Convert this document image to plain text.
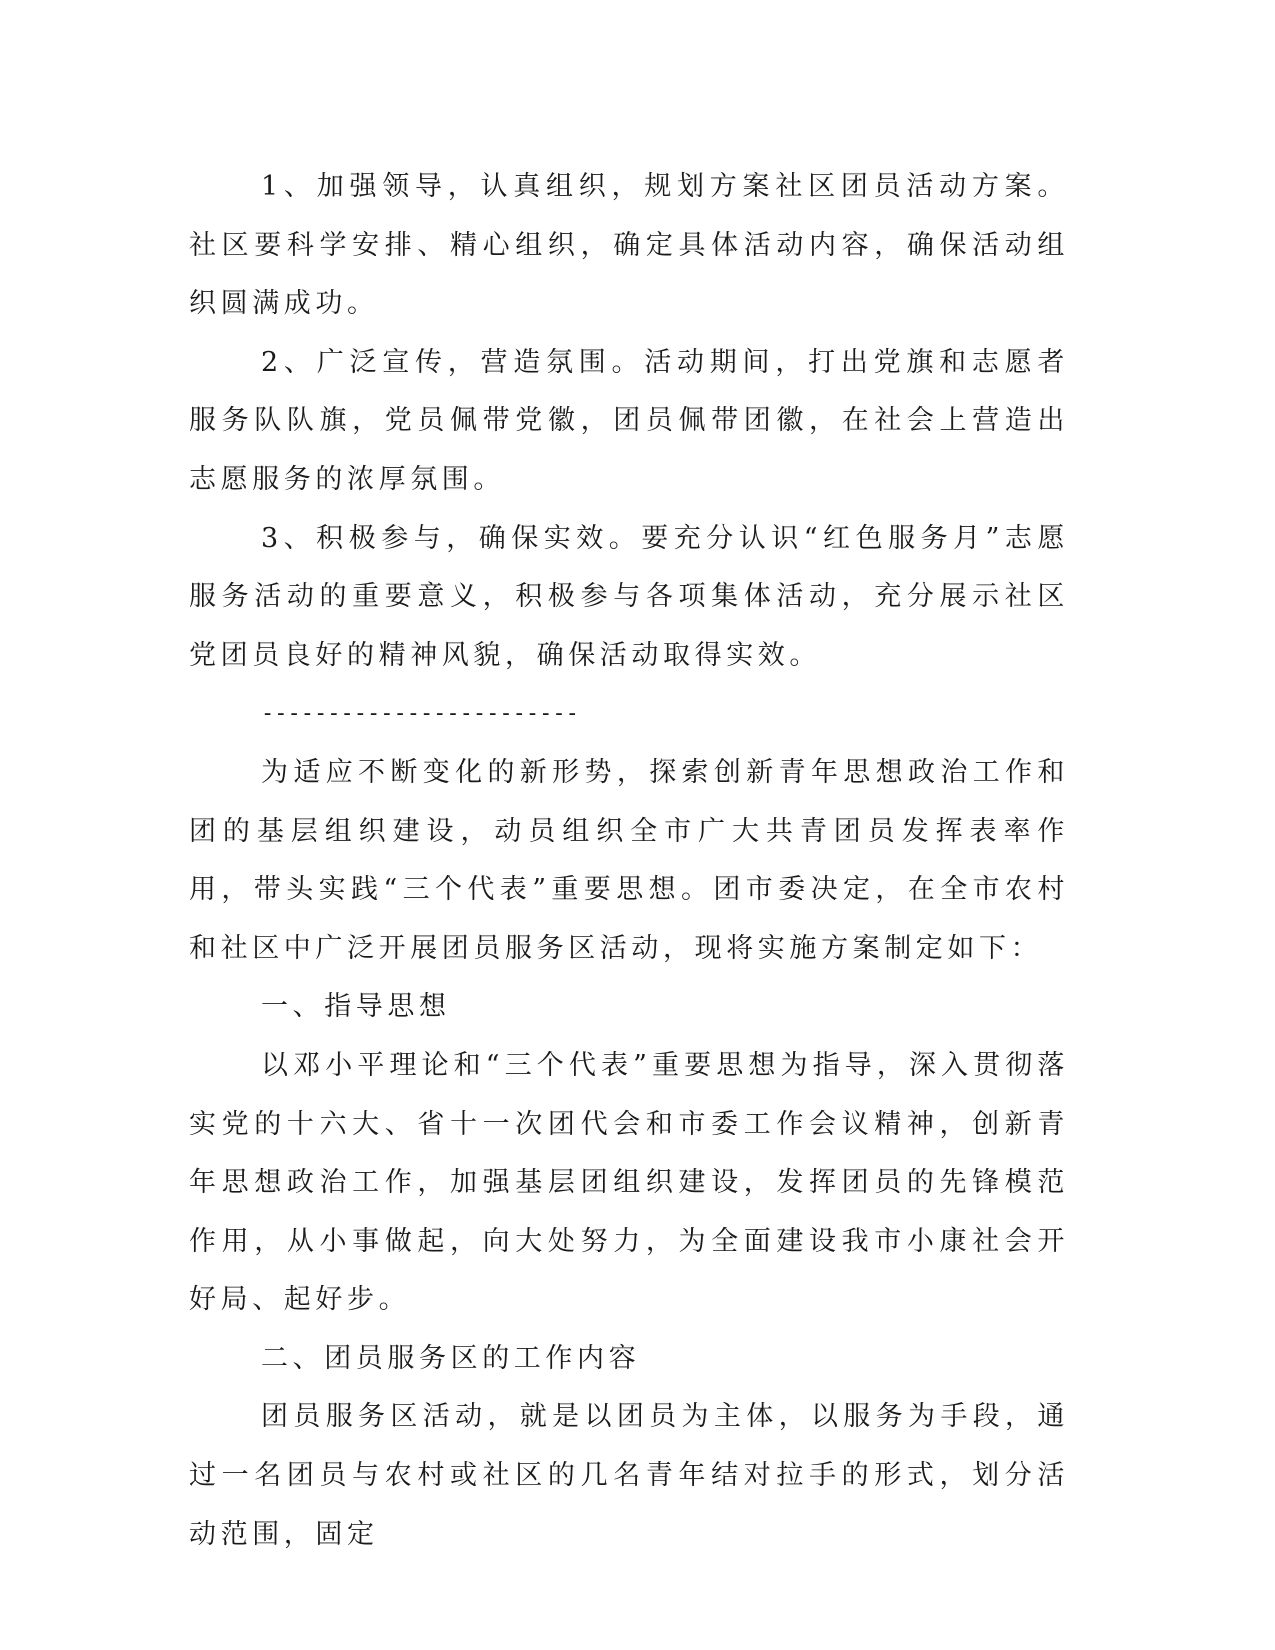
1、加强领导，认真组织，规划方案社区团员活动方案。社区要科学安排、精心组织，确定具体活动内容，确保活动组织圆满成功。

2、广泛宣传，营造氛围。活动期间，打出党旗和志愿者服务队队旗，党员佩带党徽，团员佩带团徽，在社会上营造出志愿服务的浓厚氛围。

3、积极参与，确保实效。要充分认识“红色服务月”志愿服务活动的重要意义，积极参与各项集体活动，充分展示社区党团员良好的精神风貌，确保活动取得实效。

------------------------

为适应不断变化的新形势，探索创新青年思想政治工作和团的基层组织建设，动员组织全市广大共青团员发挥表率作用，带头实践“三个代表”重要思想。团市委决定，在全市农村和社区中广泛开展团员服务区活动，现将实施方案制定如下：

一、指导思想

以邓小平理论和“三个代表”重要思想为指导，深入贯彻落实党的十六大、省十一次团代会和市委工作会议精神，创新青年思想政治工作，加强基层团组织建设，发挥团员的先锋模范作用，从小事做起，向大处努力，为全面建设我市小康社会开好局、起好步。

二、团员服务区的工作内容

团员服务区活动，就是以团员为主体，以服务为手段，通过一名团员与农村或社区的几名青年结对拉手的形式，划分活动范围，固定
